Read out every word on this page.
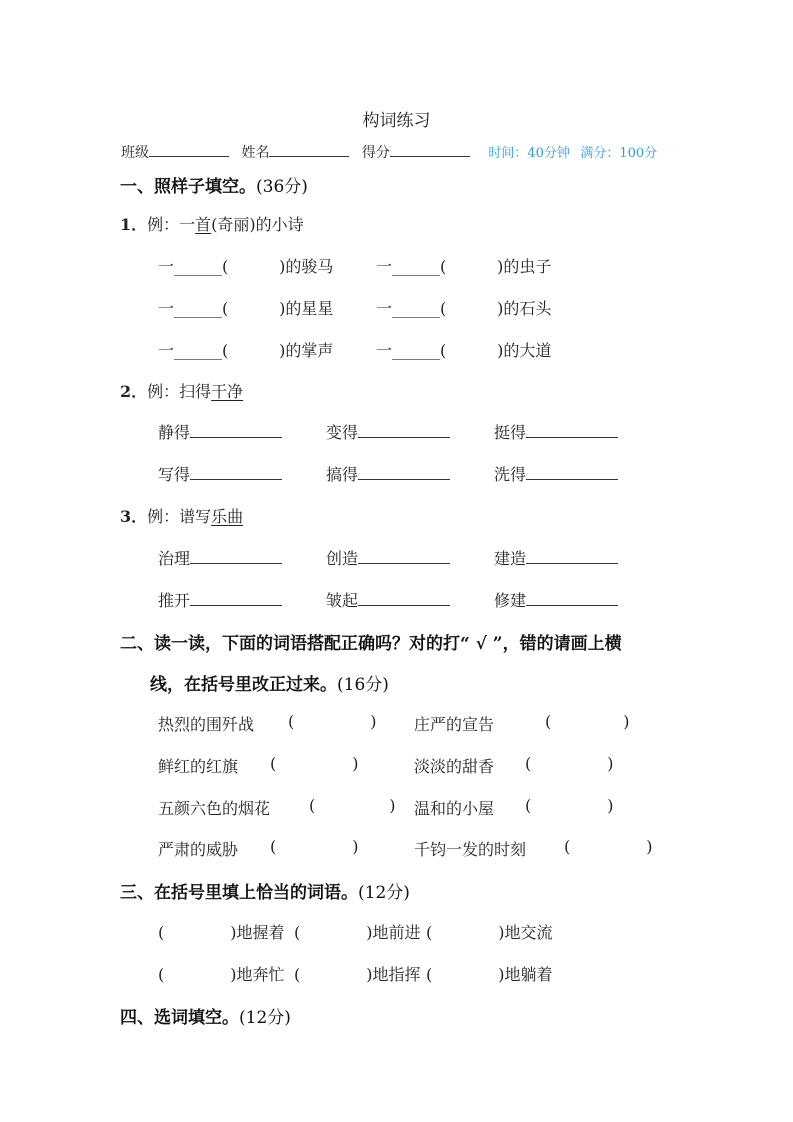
构词练习
班级	姓名	得分	时间：40分钟 满分：100分
一、照样子填空。(36分)
1．例：一首(奇丽)的小诗
一______(          )的骏马	一______(          )的虫子
一______(          )的星星	一______(          )的石头
一______(          )的掌声	一______(          )的大道
2．例：扫得干净
静得	变得	挺得
写得	搞得	洗得
3．例：谱写乐曲
治理	创造	建造
推开	皱起	修建
二、读一读，下面的词语搭配正确吗？对的打“ √ ”，错的请画上横
线，在括号里改正过来。(16分)
热烈的围歼战 (	) 庄严的宣告	(	)
鲜红的红旗 (	)	淡淡的甜香 (	)
五颜六色的烟花 (	) 温和的小屋 (	)
严肃的威胁 (	)	千钧一发的时刻 (	)
三、在括号里填上恰当的词语。(12分)
(	)地握着 (	)地前进 (	)地交流
(	)地奔忙 (	)地指挥 (	)地躺着
四、选词填空。(12分)
